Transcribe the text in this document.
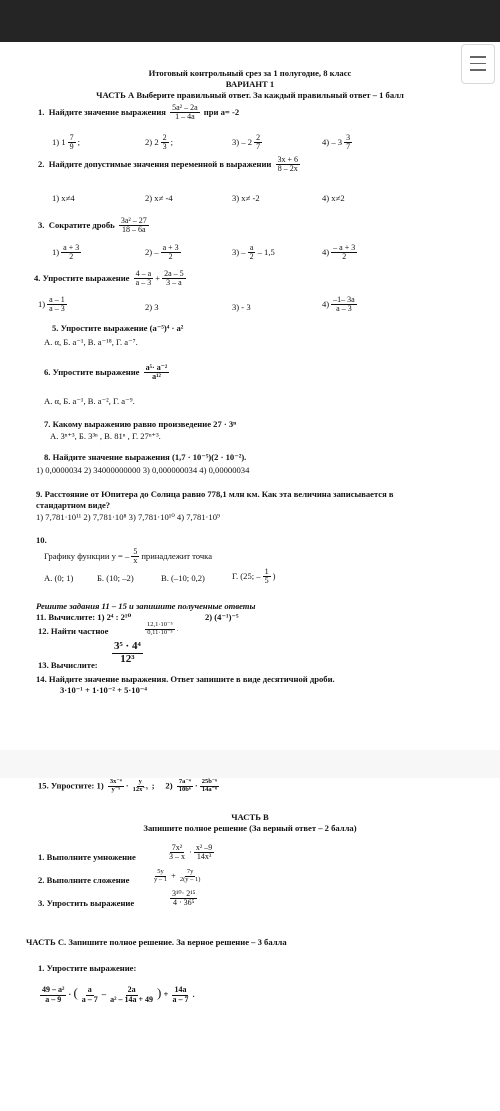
Итоговый контрольный срез за 1 полугодие, 8 класс
ВАРИАНТ 1
ЧАСТЬ А Выберите правильный ответ. За каждый правильный ответ – 1 балл
1. Найдите значение выражения $\frac{\text{5a² – 2a}}{1 - 4a}$ при a= -2
1) $1 \frac{7}{9}$ ;	2) $2 \frac{2}{3}$ ;	$3) - 2 \frac{2}{7}$	$4) - 3 \frac{3}{7}$
2. Найдите допустимые значения переменной в выражении $\frac{3x + 6}{8 - 2x}$
1) x≠4	2) x≠ -4	3) x≠ -2	4) x≠2
3. Сократите дробь $\frac{\text{3a² – 27}}{18 - 6a}$
$1) \frac{a + 3}{2}$	$2) - \frac{a + 3}{2}$	$3) - \frac{a}{2} - 1,5$	$4) \frac{- a + 3}{2}$
4. Упростите выражение $\frac{4 - a}{a - 3} + \frac{2a - 5}{3 - a}$
$1) \frac{a - 1}{a - 3}$	2) 3	3) - 3	$4) \frac{-1- 3a}{a - 3}$
5. Упростите выражение (a⁻⁵)⁴ · a²
А. α, Б. a⁻¹, В. a⁻¹⁸, Г. a⁻⁷.
6. Упростите выражение $\frac{\text{a⁵· a⁻²}}{\text{a¹²}}$
А. α, Б. a⁻¹, В. a⁻², Г. a⁻⁹.
7. Какому выражению равно произведение 27 · 3ⁿ
А. 3ⁿ⁺³, Б. 3³ⁿ , В. 81ⁿ , Г. 27ⁿ⁺³.
8. Найдите значение выражения (1,7 · 10⁻⁵)(2 · 10⁻²).
1) 0,0000034 2) 34000000000 3) 0,000000034 4) 0,00000034
9. Расстояние от Юпитера до Солнца равно 778,1 млн км. Как эта величина записывается в
стандартном виде?
1) 7,781·10¹¹ 2) 7,781·10⁸ 3) 7,781·10¹⁰ 4) 7,781·10⁹
10.
Графику функции y = – $\frac{5}{x}$ принадлежит точка
А. (0; 1)	Б. (10; –2)	В. (–10; 0,2)	Г. (25; – $\frac{1}{5}$ )
Решите задания 11 – 15 и запишите полученные ответы
11. Вычислите: 1) 2⁴ : 2¹⁰	2) (4⁻¹)⁻⁵
12. Найти частное	$\frac{\text{12,1·10⁻⁵}}{\text{0,11·10⁻³}}$ .
13. Вычислите: $\frac{\text{3⁵ · 4⁴}}{\text{12³}}$
14. Найдите значение выражения. Ответ запишите в виде десятичной дроби.
3·10⁻¹ + 1·10⁻² + 5·10⁻⁴
15. Упростите: $1) \frac{\text{3x⁻⁴}}{\text{y⁻⁵}} \cdot \frac{y}{\text{12x⁻⁵}}$ ; $2) \frac{\text{7a⁻⁴}}{\text{10b⁶}} \cdot \frac{\text{25b⁻⁶}}{\text{14a⁻⁸}}$
ЧАСТЬ В
Запишите полное решение (За верный ответ – 2 балла)
1. Выполните умножение	$\frac{\text{7x²}}{3 - x} \cdot \frac{\text{x² –9}}{\text{14x³}}$
2. Выполните сложение	$\frac{5y}{y - 1} + \frac{7y}{2(y - 1)}$
3. Упростить выражение	$\frac{\text{3¹⁰· 2¹⁵}}{\text{4 · 36⁵}}$
ЧАСТЬ С. Запишите полное решение. За верное решение – 3 балла
1. Упростите выражение:
$\frac{\text{49 – a²}}{a - 9}$ · ( $\frac{a}{a - 7} - \frac{2a}{\text{a² – 14a + 49}}$ ) + $\frac{14a}{a - 7}$ .
